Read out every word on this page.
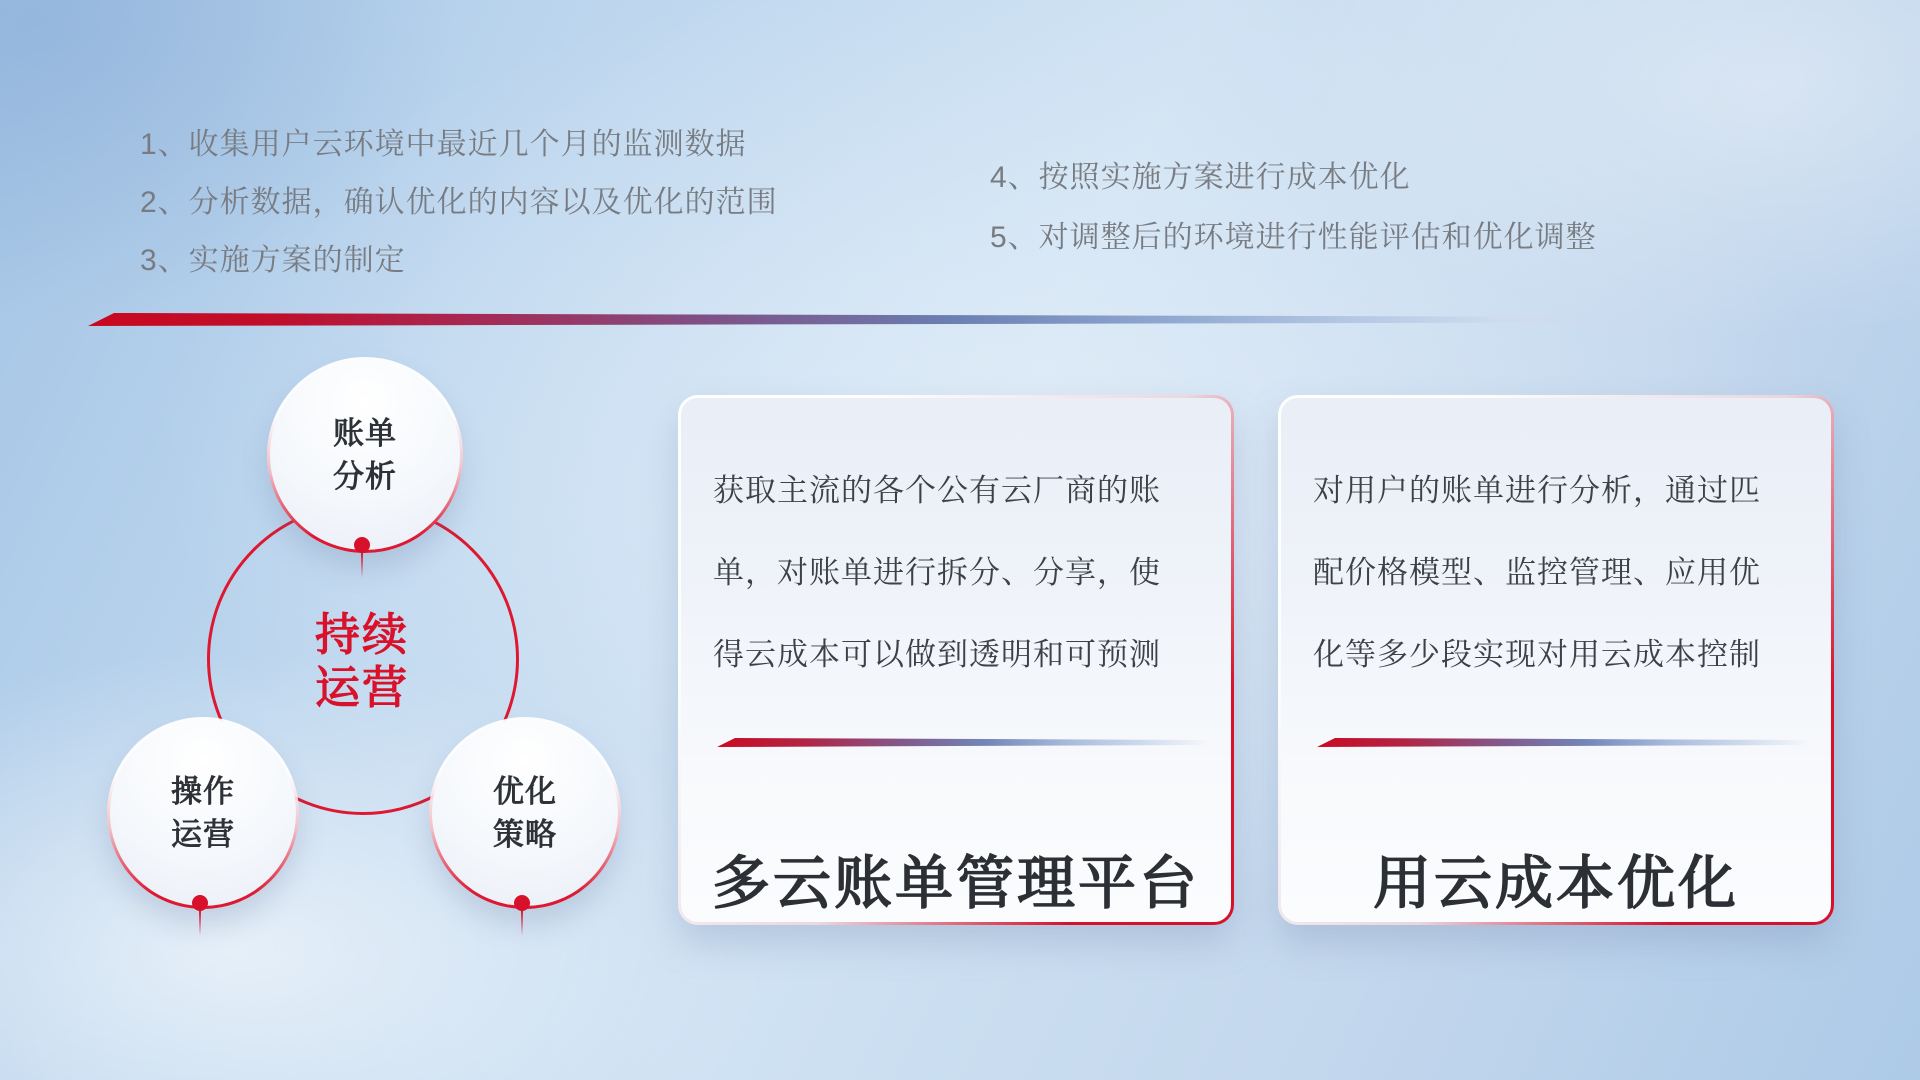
1、收集用户云环境中最近几个月的监测数据
2、分析数据，确认优化的内容以及优化的范围
3、实施方案的制定
4、按照实施方案进行成本优化
5、对调整后的环境进行性能评估和优化调整
持续
运营
账单
分析
操作
运营
优化
策略
获取主流的各个公有云厂商的账
单，对账单进行拆分、分享，使
得云成本可以做到透明和可预测
多云账单管理平台
对用户的账单进行分析，通过匹
配价格模型、监控管理、应用优
化等多少段实现对用云成本控制
用云成本优化
